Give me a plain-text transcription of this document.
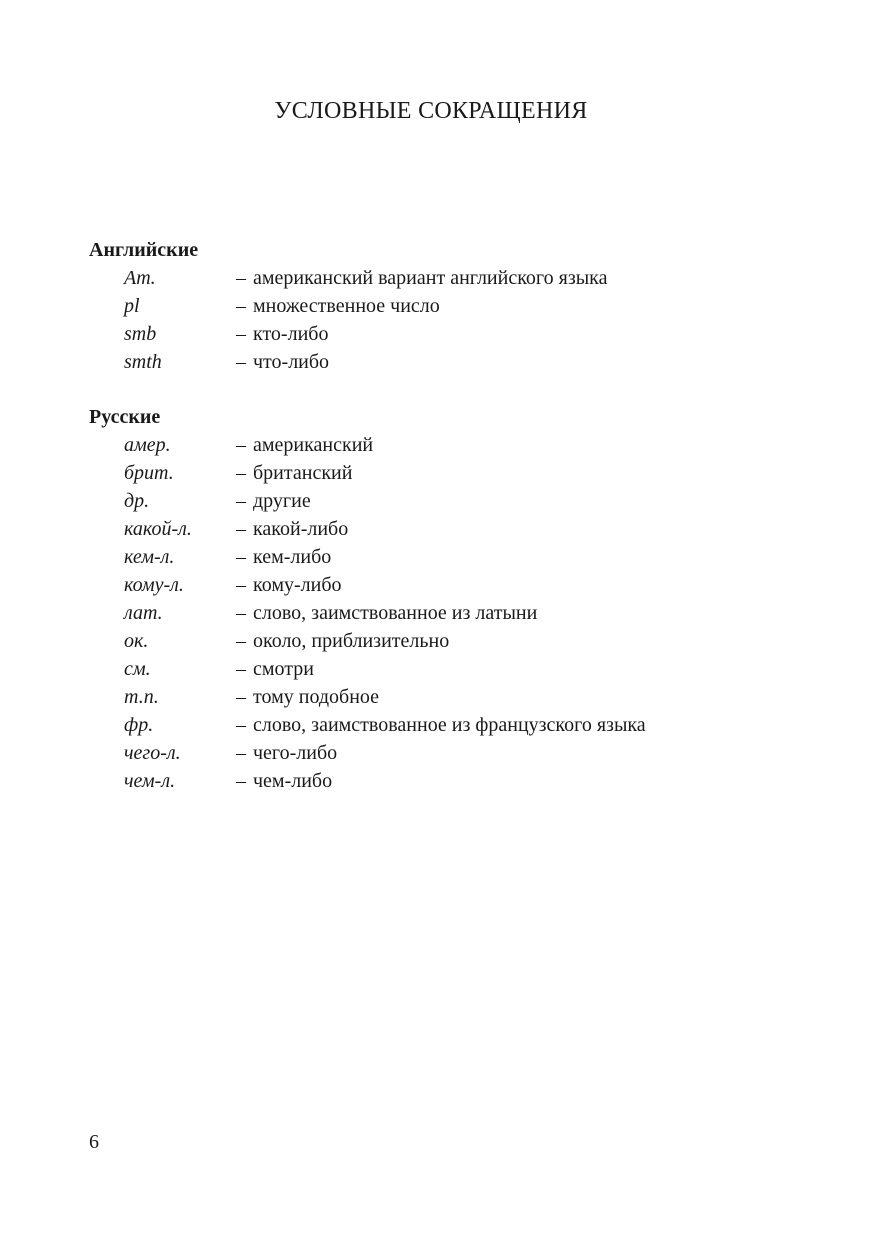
УСЛОВНЫЕ СОКРАЩЕНИЯ
Английские
Am.	– американский вариант английского языка
pl	– множественное число
smb	– кто-либо
smth	– что-либо
Русские
амер.	– американский
брит.	– британский
др.	– другие
какой-л.	– какой-либо
кем-л.	– кем-либо
кому-л.	– кому-либо
лат.	– слово, заимствованное из латыни
ок.	– около, приблизительно
см.	– смотри
т.п.	– тому подобное
фр.	– слово, заимствованное из французского языка
чего-л.	– чего-либо
чем-л.	– чем-либо
6
